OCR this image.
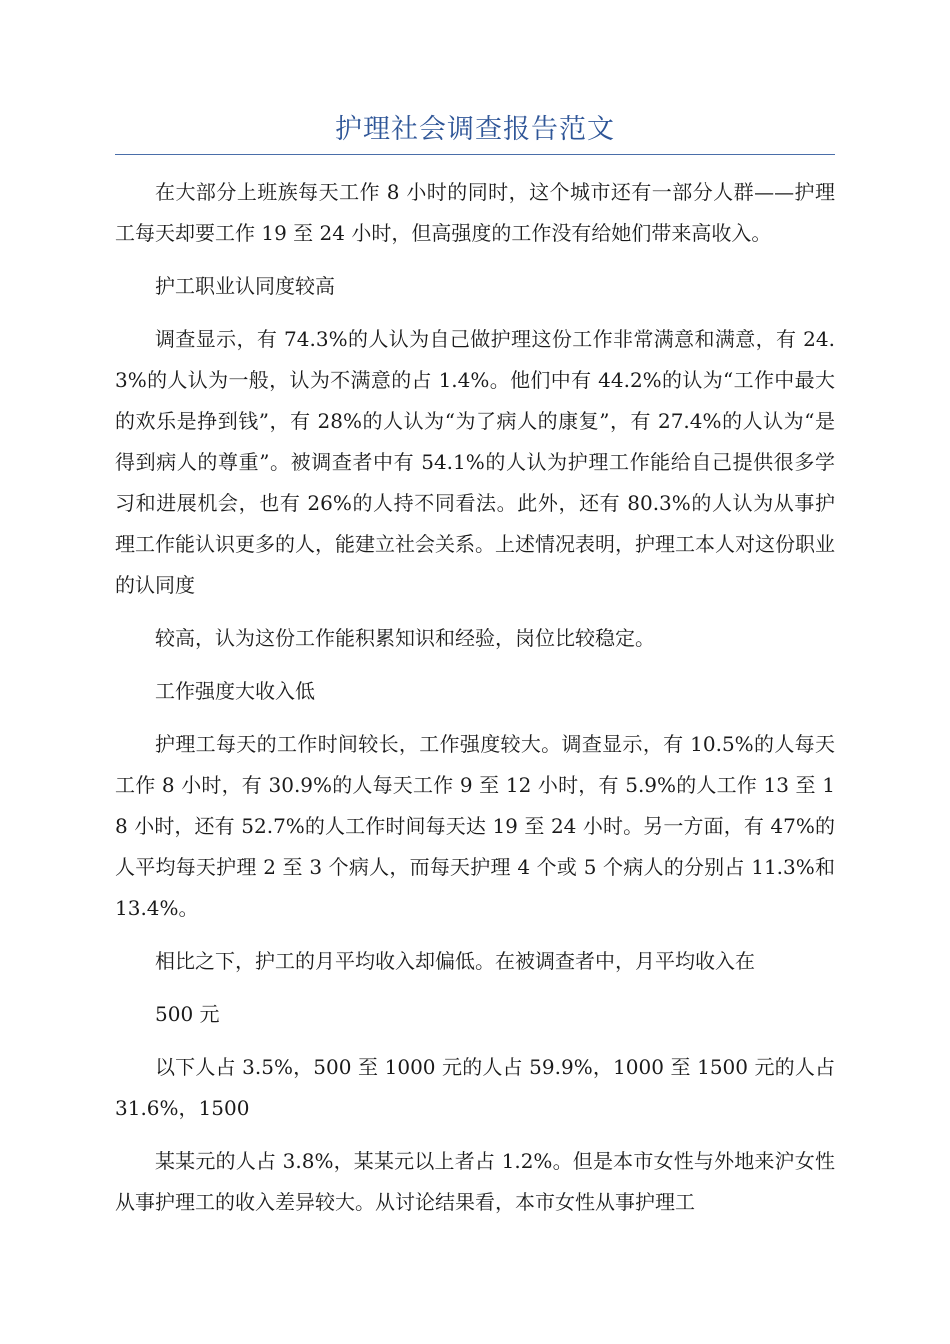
护理社会调查报告范文

在大部分上班族每天工作 8 小时的同时，这个城市还有一部分人群——护理工每天却要工作 19 至 24 小时，但高强度的工作没有给她们带来高收入。

护工职业认同度较高

调查显示，有 74.3%的人认为自己做护理这份工作非常满意和满意，有 24.3%的人认为一般，认为不满意的占 1.4%。他们中有 44.2%的认为“工作中最大的欢乐是挣到钱”，有 28%的人认为“为了病人的康复”，有 27.4%的人认为“是得到病人的尊重”。被调查者中有 54.1%的人认为护理工作能给自己提供很多学习和进展机会，也有 26%的人持不同看法。此外，还有 80.3%的人认为从事护理工作能认识更多的人，能建立社会关系。上述情况表明，护理工本人对这份职业的认同度

较高，认为这份工作能积累知识和经验，岗位比较稳定。

工作强度大收入低

护理工每天的工作时间较长，工作强度较大。调查显示，有 10.5%的人每天工作 8 小时，有 30.9%的人每天工作 9 至 12 小时，有 5.9%的人工作 13 至 18 小时，还有 52.7%的人工作时间每天达 19 至 24 小时。另一方面，有 47%的人平均每天护理 2 至 3 个病人，而每天护理 4 个或 5 个病人的分别占 11.3%和 13.4%。

相比之下，护工的月平均收入却偏低。在被调查者中，月平均收入在

500 元

以下人占 3.5%，500 至 1000 元的人占 59.9%，1000 至 1500 元的人占 31.6%，1500

某某元的人占 3.8%，某某元以上者占 1.2%。但是本市女性与外地来沪女性从事护理工的收入差异较大。从讨论结果看，本市女性从事护理工
